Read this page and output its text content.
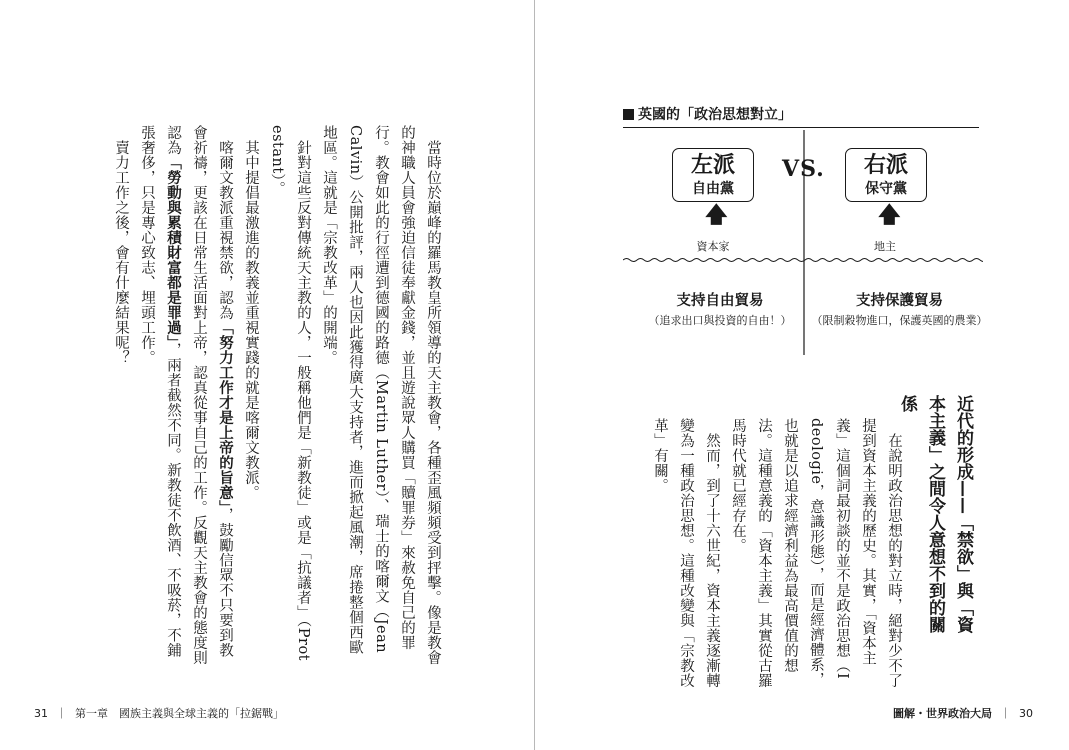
　當時位於巔峰的羅馬教皇所領導的天主教會，各種歪風頻頻受到抨擊。像是教會的神職人員會強迫信徒奉獻金錢，並且遊說眾人購買「贖罪券」來赦免自己的罪行。教會如此的行徑遭到德國的路德（Martin Luther）、瑞士的喀爾文（Jean Calvin）公開批評，兩人也因此獲得廣大支持者，進而掀起風潮，席捲整個西歐地區。這就是「宗教改革」的開端。
　針對這些反對傳統天主教的人，一般稱他們是「新教徒」或是「抗議者」（Protestant）。
　其中提倡最激進的教義並重視實踐的就是喀爾文教派。
　喀爾文教派重視禁欲，認為「努力工作才是上帝的旨意」，鼓勵信眾不只要到教會祈禱，更該在日常生活面對上帝，認真從事自己的工作。反觀天主教會的態度則認為「勞動與累積財富都是罪過」，兩者截然不同。新教徒不飲酒、不吸菸，不鋪張奢侈，只是專心致志、埋頭工作。
　賣力工作之後，會有什麼結果呢？
31 ｜ 第一章　國族主義與全球主義的「拉鋸戰」
英國的「政治思想對立」
左派
自由黨
VS.	右派
保守黨
🡅	🡅
資本家	地主
支持自由貿易
（追求出口與投資的自由！）
支持保護貿易
（限制穀物進口，保護英國的農業）
近代的形成——「禁欲」與「資本主義」之間令人意想不到的關係
　在說明政治思想的對立時，絕對少不了提到資本主義的歷史。其實，「資本主義」這個詞最初談的並不是政治思想（Ideologie，意識形態），而是經濟體系，也就是以追求經濟利益為最高價值的想法。這種意義的「資本主義」其實從古羅馬時代就已經存在。
　然而，到了十六世紀，資本主義逐漸轉變為一種政治思想。這種改變與「宗教改革」有關。
圖解・世界政治大局 ｜ 30
